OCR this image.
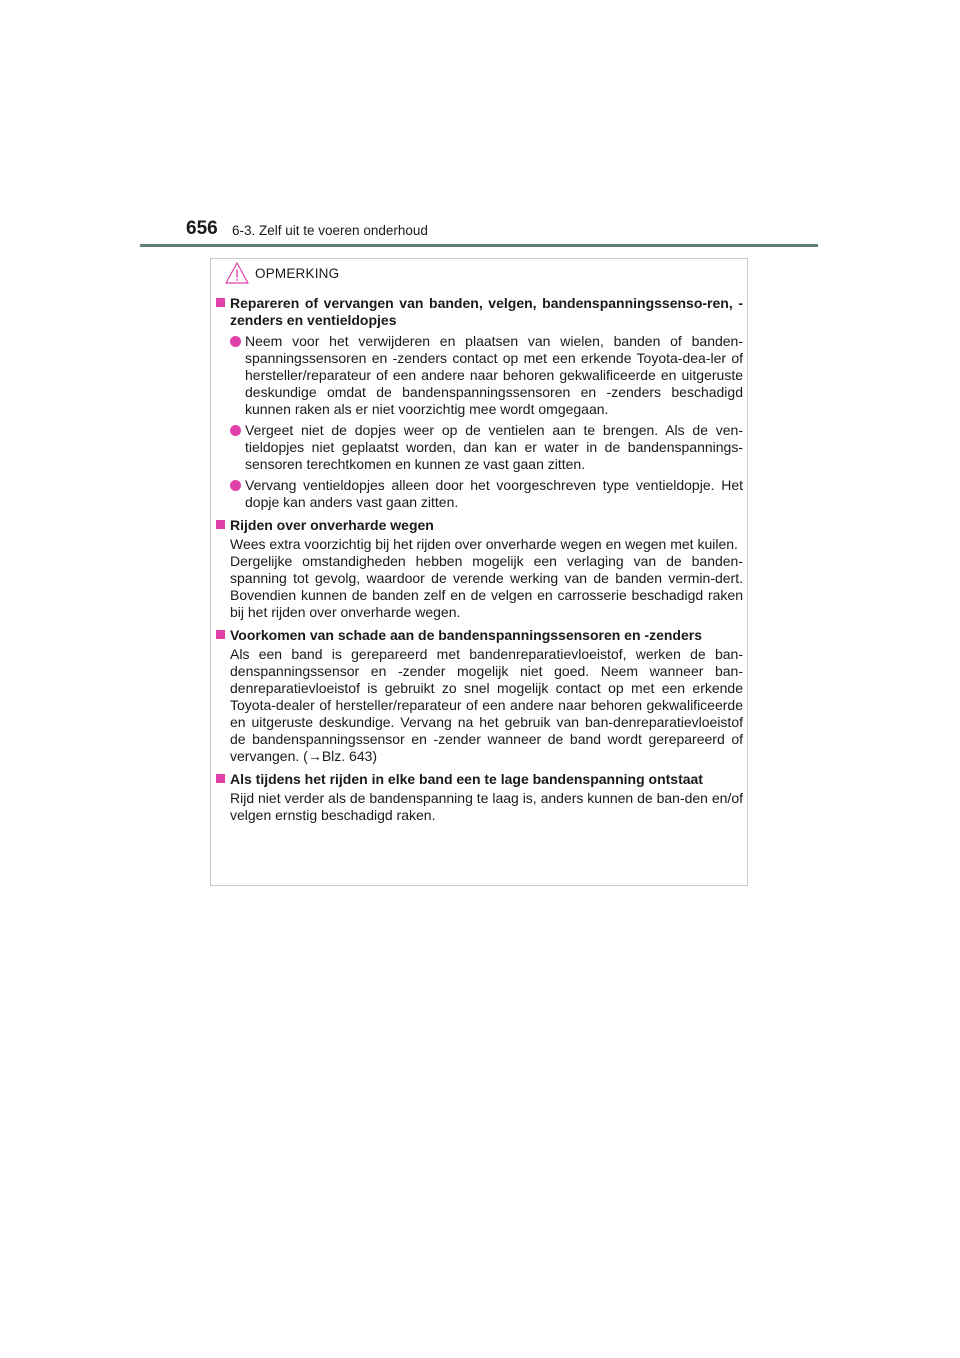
656 6-3. Zelf uit te voeren onderhoud
OPMERKING
Repareren of vervangen van banden, velgen, bandenspanningssenso-ren, -zenders en ventieldopjes

Neem voor het verwijderen en plaatsen van wielen, banden of banden-spanningssensoren en -zenders contact op met een erkende Toyota-dea-ler of hersteller/reparateur of een andere naar behoren gekwalificeerde en uitgeruste deskundige omdat de bandenspanningssensoren en -zenders beschadigd kunnen raken als er niet voorzichtig mee wordt omgegaan.

Vergeet niet de dopjes weer op de ventielen aan te brengen. Als de ven-tieldopjes niet geplaatst worden, dan kan er water in de bandenspannings-sensoren terechtkomen en kunnen ze vast gaan zitten.

Vervang ventieldopjes alleen door het voorgeschreven type ventieldopje. Het dopje kan anders vast gaan zitten.

Rijden over onverharde wegen

Wees extra voorzichtig bij het rijden over onverharde wegen en wegen met kuilen.

Dergelijke omstandigheden hebben mogelijk een verlaging van de banden-spanning tot gevolg, waardoor de verende werking van de banden vermin-dert. Bovendien kunnen de banden zelf en de velgen en carrosserie beschadigd raken bij het rijden over onverharde wegen.

Voorkomen van schade aan de bandenspanningssensoren en -zenders

Als een band is gerepareerd met bandenreparatievloeistof, werken de ban-denspanningssensor en -zender mogelijk niet goed. Neem wanneer ban-denreparatievloeistof is gebruikt zo snel mogelijk contact op met een erkende Toyota-dealer of hersteller/reparateur of een andere naar behoren gekwalificeerde en uitgeruste deskundige. Vervang na het gebruik van ban-denreparatievloeistof de bandenspanningssensor en -zender wanneer de band wordt gerepareerd of vervangen. (→Blz. 643)

Als tijdens het rijden in elke band een te lage bandenspanning ontstaat

Rijd niet verder als de bandenspanning te laag is, anders kunnen de ban-den en/of velgen ernstig beschadigd raken.
